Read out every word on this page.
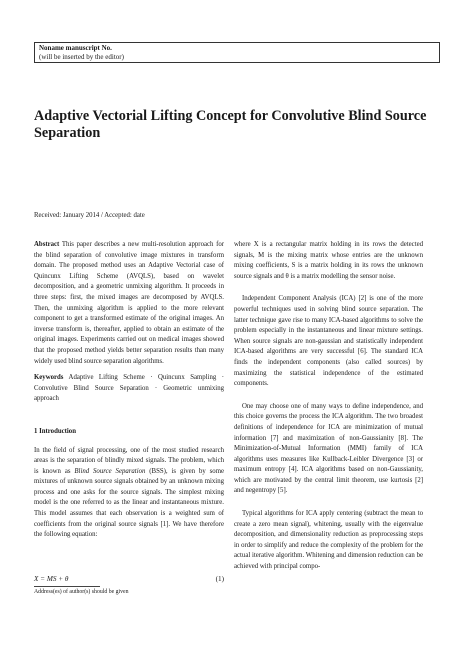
Noname manuscript No.
(will be inserted by the editor)
Adaptive Vectorial Lifting Concept for Convolutive Blind Source Separation
Received: January 2014 / Accepted: date

Abstract This paper describes a new multi-resolution approach for the blind separation of convolutive image mixtures in transform domain. The proposed method uses an Adaptive Vectorial case of Quincunx Lifting Scheme (AVQLS), based on wavelet decomposition, and a geometric unmixing algorithm. It proceeds in three steps: first, the mixed images are decomposed by AVQLS. Then, the unmixing algorithm is applied to the more relevant component to get a transformed estimate of the original images. An inverse transform is, thereafter, applied to obtain an estimate of the original images. Experiments carried out on medical images showed that the proposed method yields better separation results than many widely used blind source separation algorithms.

Keywords Adaptive Lifting Scheme · Quincunx Sampling · Convolutive Blind Source Separation · Geometric unmixing approach

1 Introduction

In the field of signal processing, one of the most studied research areas is the separation of blindly mixed signals. The problem, which is known as Blind Source Separation (BSS), is given by some mixtures of unknown source signals obtained by an unknown mixing process and one asks for the source signals. The simplest mixing model is the one referred to as the linear and instantaneous mixture. This model assumes that each observation is a weighted sum of coefficients from the original source signals [1]. We have therefore the following equation:

X = MS + θ	(1)
Address(es) of author(s) should be given

where X is a rectangular matrix holding in its rows the detected signals, M is the mixing matrix whose entries are the unknown mixing coefficients, S is a matrix holding in its rows the unknown source signals and θ is a matrix modelling the sensor noise.

Independent Component Analysis (ICA) [2] is one of the more powerful techniques used in solving blind source separation. The latter technique gave rise to many ICA-based algorithms to solve the problem especially in the instantaneous and linear mixture settings. When source signals are non-gaussian and statistically independent ICA-based algorithms are very successful [6]. The standard ICA finds the independent components (also called sources) by maximizing the statistical independence of the estimated components.

One may choose one of many ways to define independence, and this choice governs the process the ICA algorithm. The two broadest definitions of independence for ICA are minimization of mutual information [7] and maximization of non-Gaussianity [8]. The Minimization-of-Mutual Information (MMI) family of ICA algorithms uses measures like Kullback-Leibler Divergence [3] or maximum entropy [4]. ICA algorithms based on non-Gaussianity, which are motivated by the central limit theorem, use kurtosis [2] and negentropy [5].

Typical algorithms for ICA apply centering (subtract the mean to create a zero mean signal), whitening, usually with the eigenvalue decomposition, and dimensionality reduction as preprocessing steps in order to simplify and reduce the complexity of the problem for the actual iterative algorithm. Whitening and dimension reduction can be achieved with principal compo-
